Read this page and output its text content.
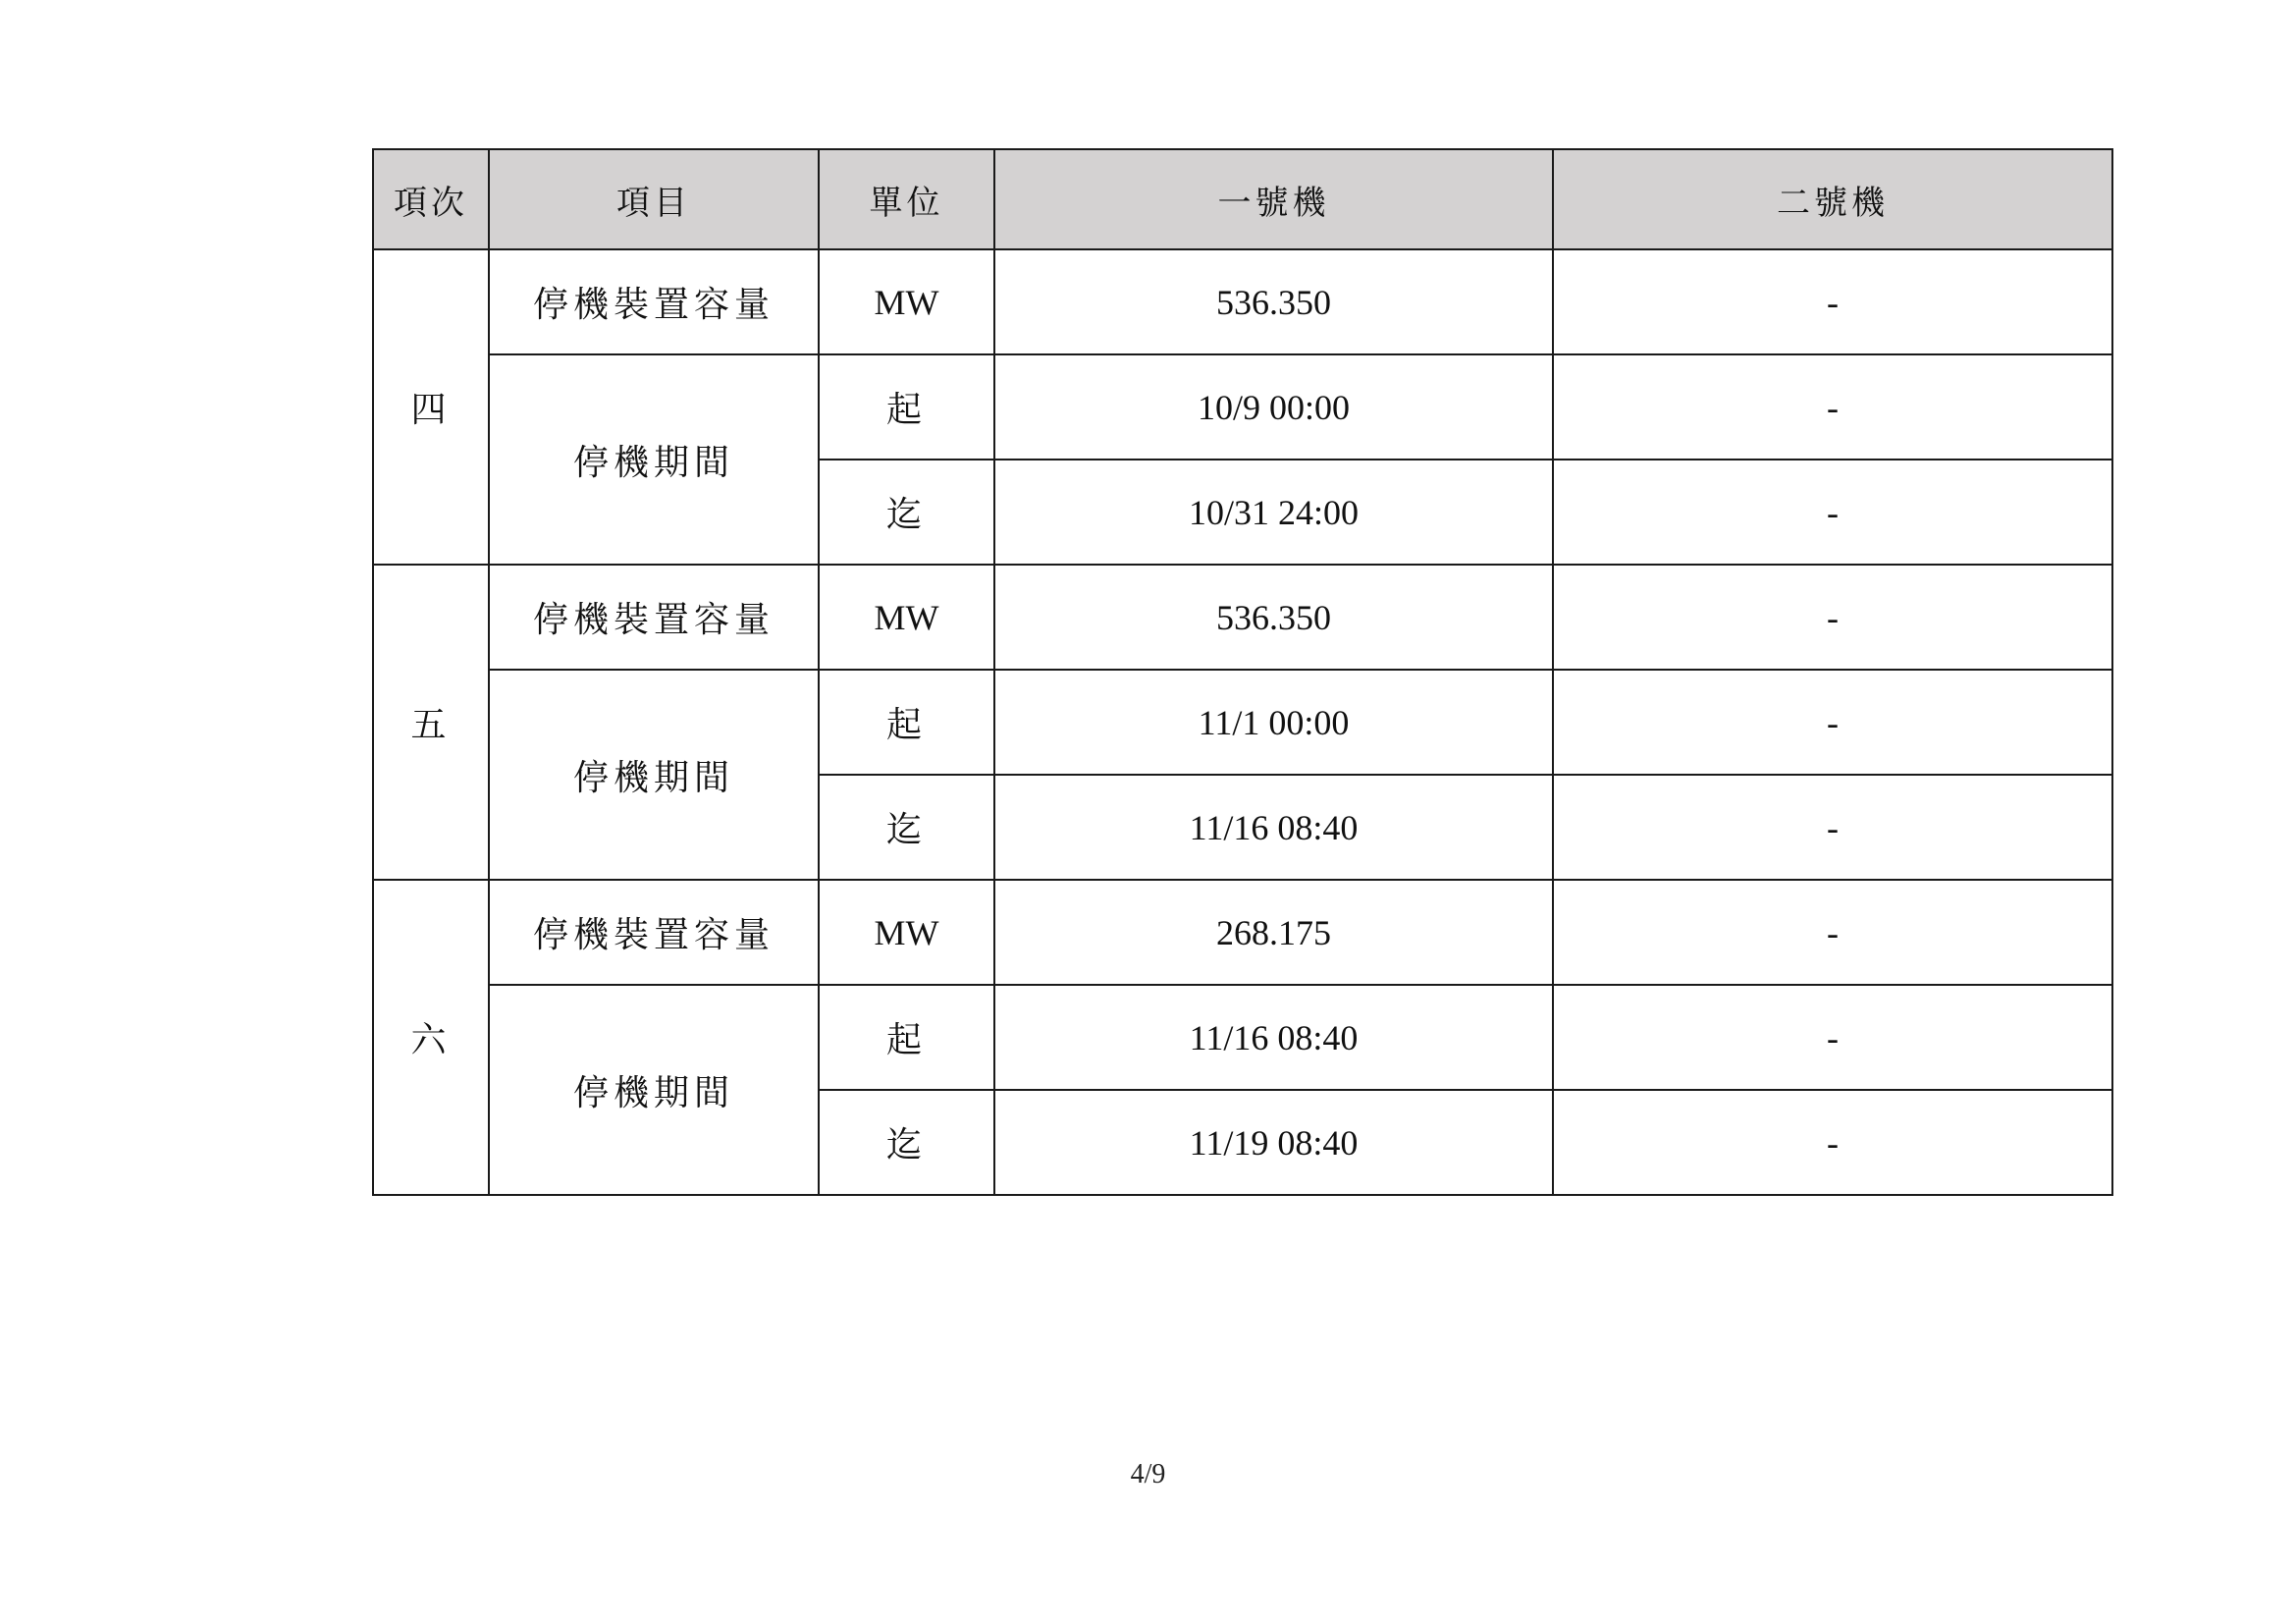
項次	項目	單位	一號機	二號機
四	停機裝置容量	MW	536.350	-
	停機期間	起	10/9 00:00	-
		迄	10/31 24:00	-
五	停機裝置容量	MW	536.350	-
	停機期間	起	11/1 00:00	-
		迄	11/16 08:40	-
六	停機裝置容量	MW	268.175	-
	停機期間	起	11/16 08:40	-
		迄	11/19 08:40	-
4/9
